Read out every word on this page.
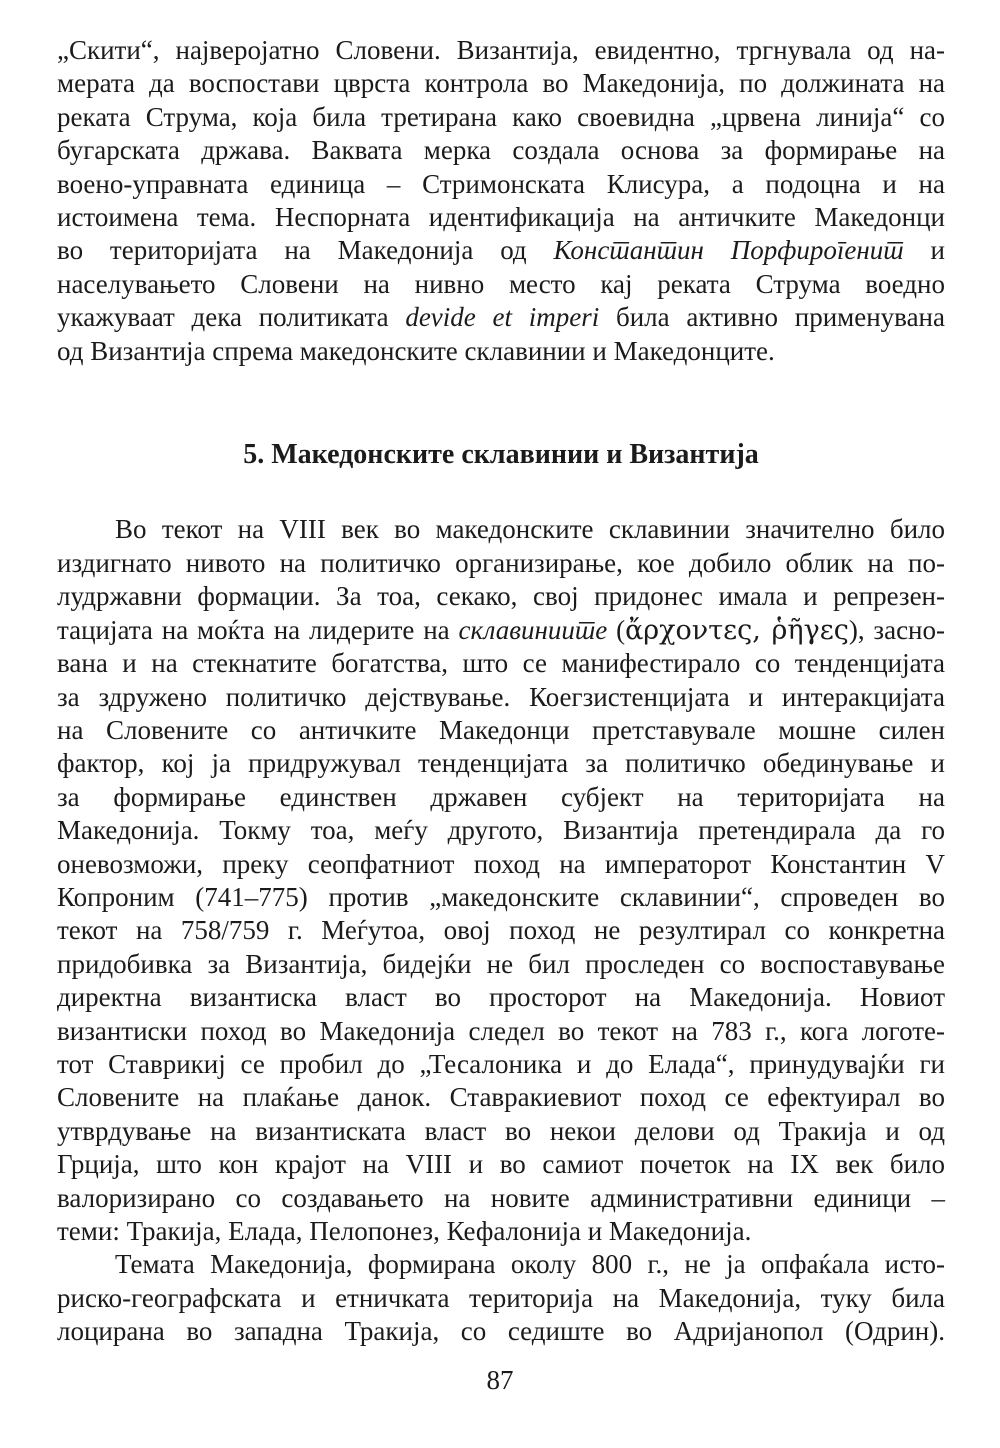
„Скити“, најверојатно Словени. Византија, евидентно, тргнувала од на-
мерата да воспостави цврста контрола во Македонија, по должината на
реката Струма, која била третирана како своевидна „црвена линија“ со
бугарската држава. Ваквата мерка создала основа за формирање на
воено-управната единица – Стримонската Клисура, а подоцна и на
истоимена тема. Неспорната идентификација на античките Македонци
во територијата на Македонија од Константин Порфирогенит и
населувањето Словени на нивно место кај реката Струма воедно
укажуваат дека политиката devide et imperi била активно применувана
од Византија спрема македонските склавинии и Македонците.
5. Македонските склавинии и Византија
Во текот на VIII век во македонските склавинии значително било
издигнато нивото на политичко организирање, кое добило облик на по-
лудржавни формации. За тоа, секако, свој придонес имала и репрезен-
тацијата на моќта на лидерите на склавиниите (ἄρχοντες, ῥῆγες), засно-
вана и на стекнатите богатства, што се манифестирало со тенденцијата
за здружено политичко дејствување. Коегзистенцијата и интеракцијата
на Словените со античките Македонци претставувале мошне силен
фактор, кој ја придружувал тенденцијата за политичко обединување и
за формирање единствен државен субјект на територијата на
Македонија. Токму тоа, меѓу другото, Византија претендирала да го
оневозможи, преку сеопфатниот поход на императорот Константин V
Копроним (741–775) против „македонските склавинии“, спроведен во
текот на 758/759 г. Меѓутоа, овој поход не резултирал со конкретна
придобивка за Византија, бидејќи не бил проследен со воспоставување
директна византиска власт во просторот на Македонија. Новиот
византиски поход во Македонија следел во текот на 783 г., кога логоте-
тот Ставрикиј се пробил до „Тесалоника и до Елада“, принудувајќи ги
Словените на плаќање данок. Ставракиевиот поход се ефектуирал во
утврдување на византиската власт во некои делови од Тракија и од
Грција, што кон крајот на VIII и во самиот почеток на IX век било
валоризирано со создавањето на новите административни единици –
теми: Тракија, Елада, Пелопонез, Кефалонија и Македонија.
Темата Македонија, формирана околу 800 г., не ја опфаќала исто-
риско-географската и етничката територија на Македонија, туку била
лоцирана во западна Тракија, со седиште во Адријанопол (Одрин).
87
